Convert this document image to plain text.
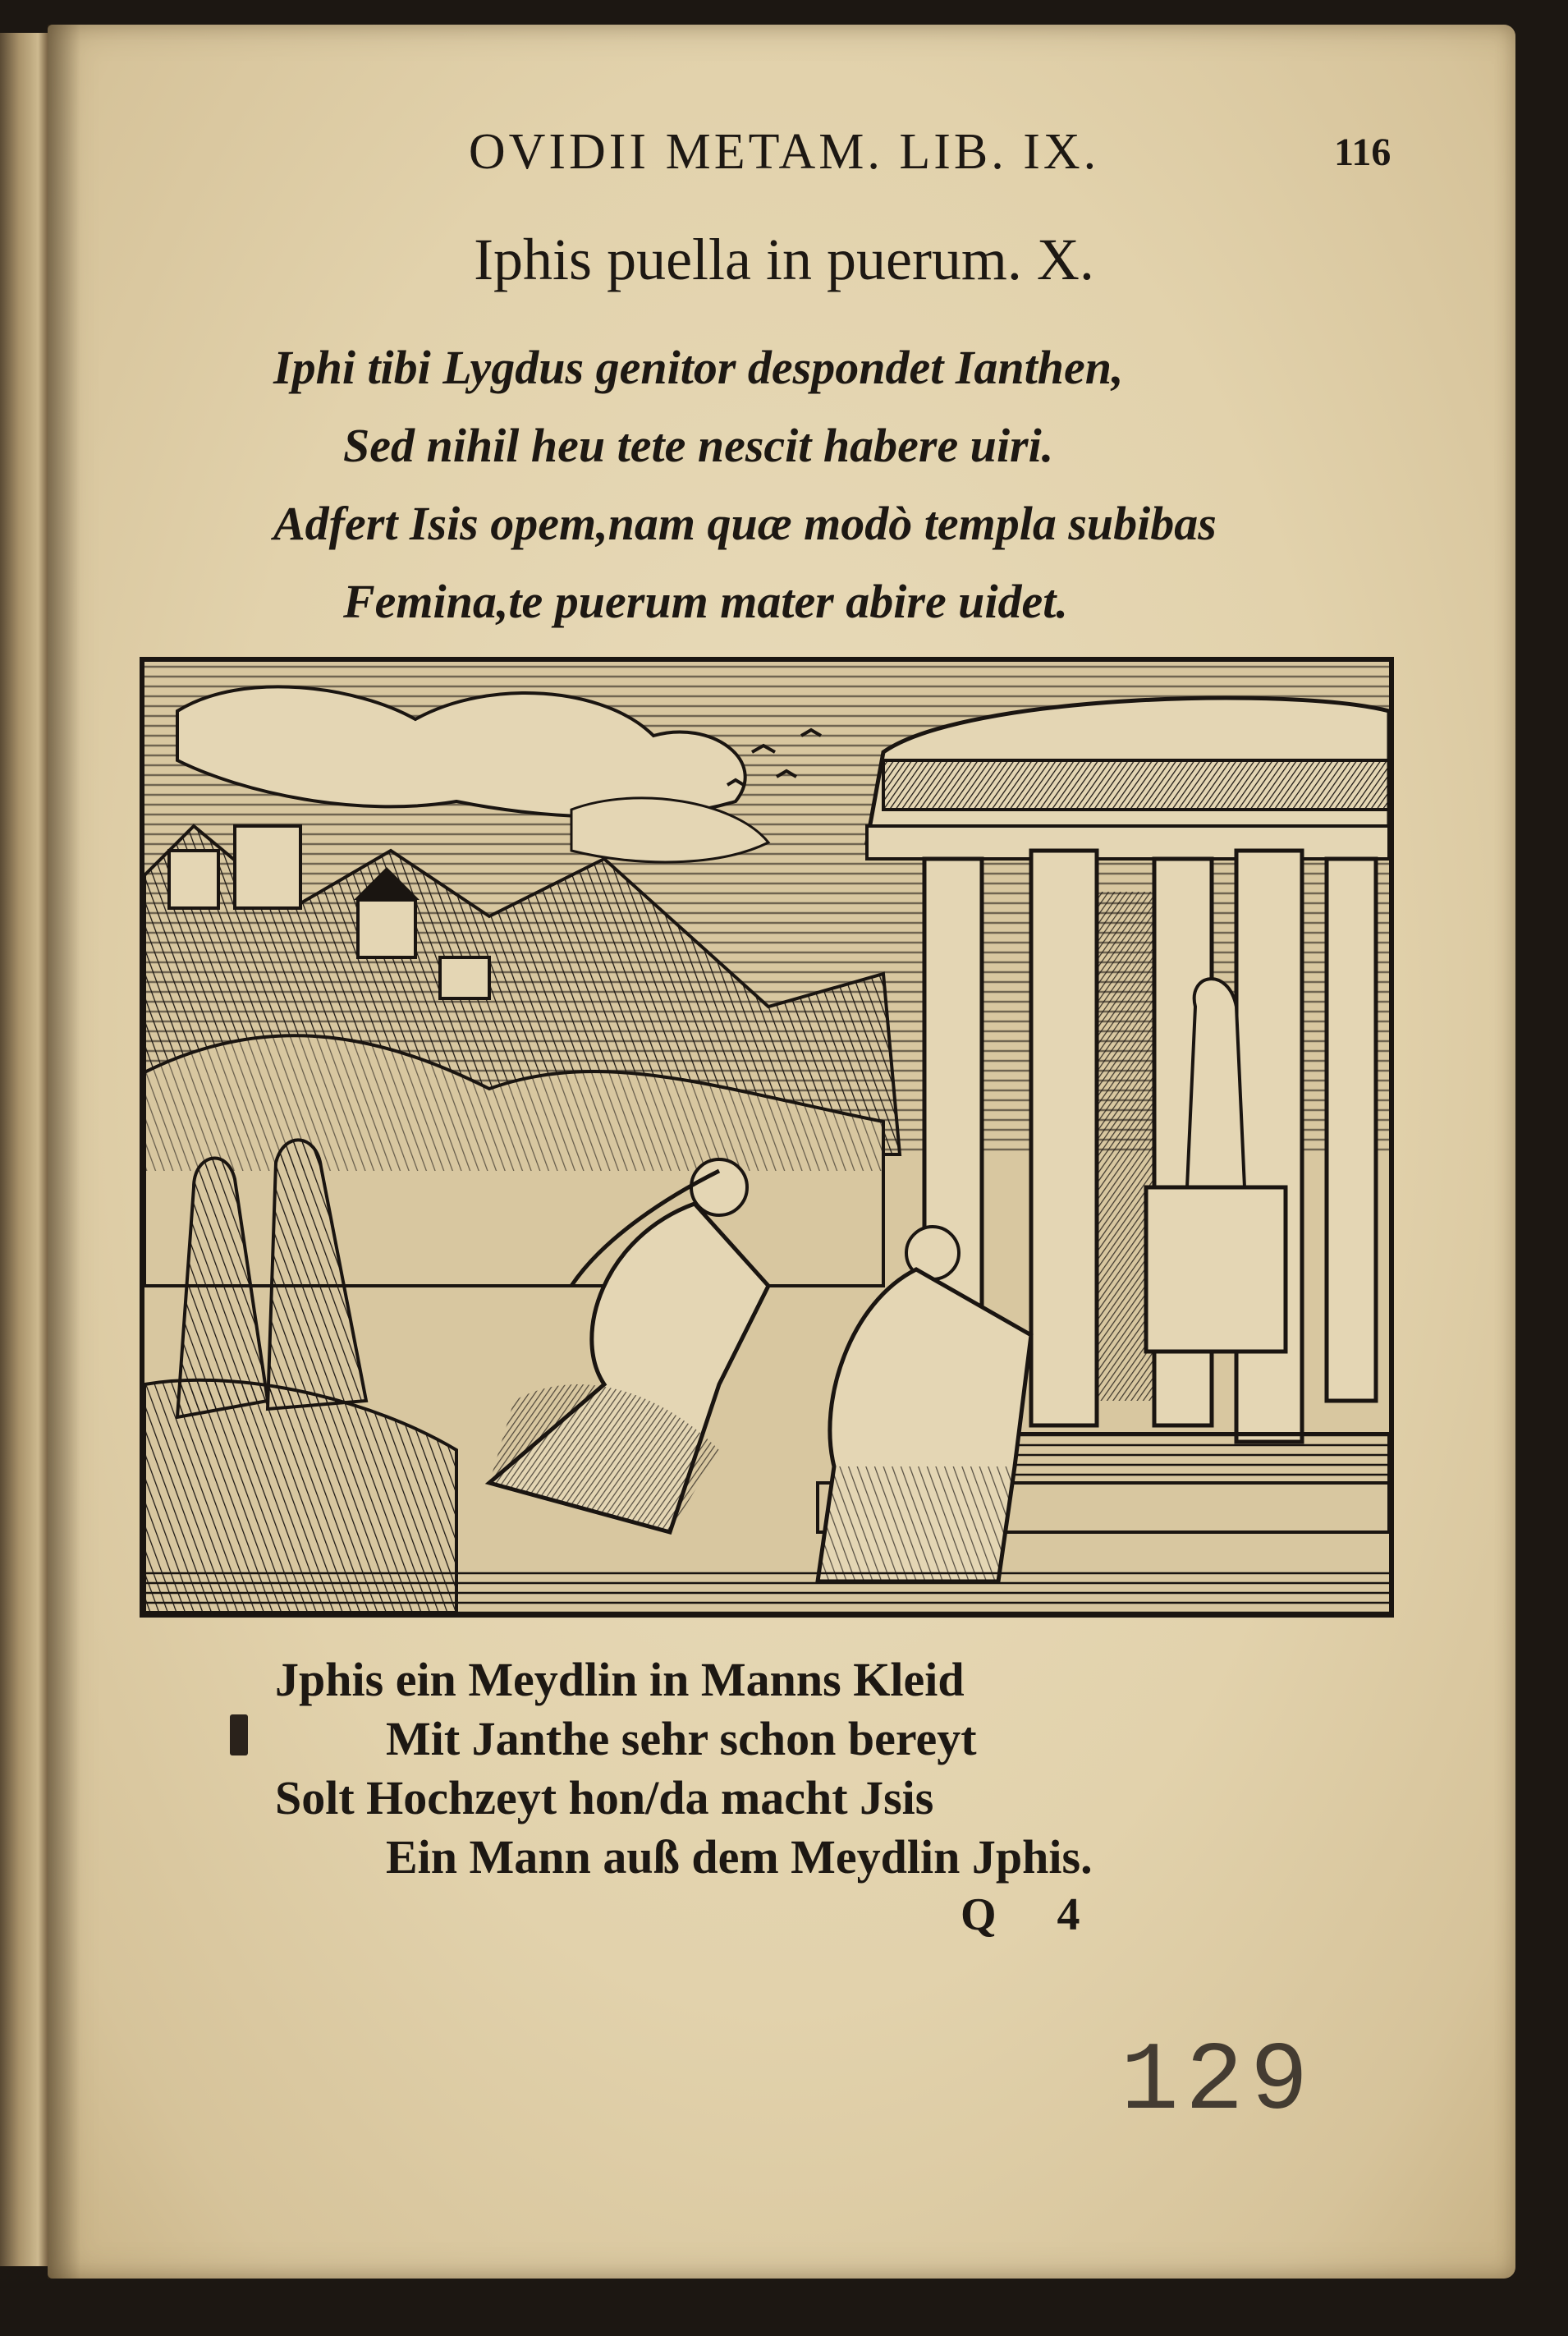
OVIDII METAM. LIB. IX.	116
Iphis puella in puerum. X.
Iphi tibi Lygdus genitor despondet Ianthen,
Sed nihil heu tete nescit habere uiri.
Adfert Isis opem,nam quæ modò templa subibas
Femina,te puerum mater abire uidet.
Jphis ein Meydlin in Manns Kleid
Mit Janthe sehr schon bereyt
Solt Hochzeyt hon/da macht Jsis
Ein Mann auß dem Meydlin Jphis.
Q 4
129
